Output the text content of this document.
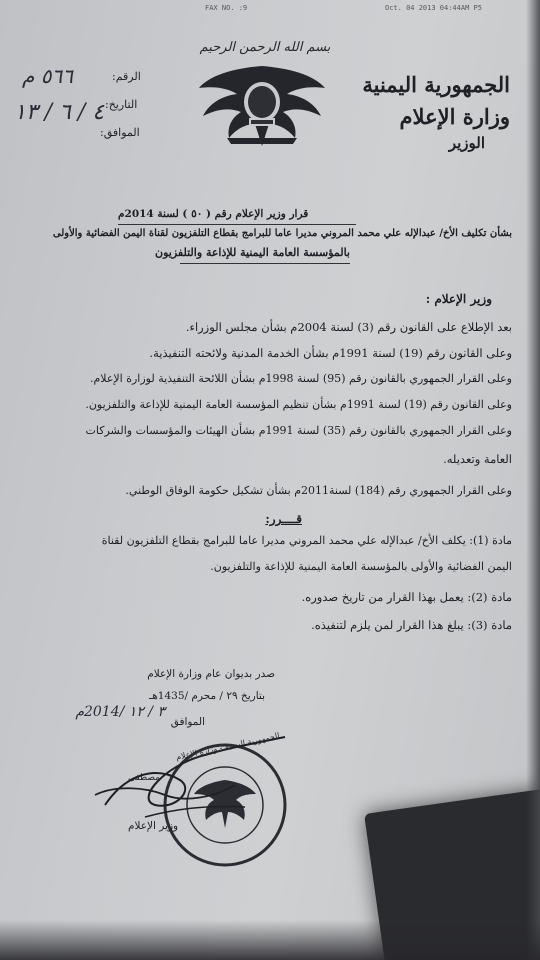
FAX NO. :9	Oct. 04 2013 04:44AM P5
الجمهورية اليمنية
وزارة الإعلام
الوزير
بسم الله الرحمن الرحيم
الرقم:
٥٦٦ م
التاريخ:
٤ / ٦ / ١٣
الموافق:
قرار وزير الإعلام رقم ( ٥٠ ) لسنة 2014م
بشأن تكليف الأخ/ عبدالإله علي محمد المروني مديرا عاما للبرامج بقطاع التلفزيون لقناة اليمن الفضائية والأولى
بالمؤسسة العامة اليمنية للإذاعة والتلفزيون
وزير الإعلام :
بعد الإطلاع على القانون رقم (3) لسنة 2004م بشأن مجلس الوزراء.
وعلى القانون رقم (19) لسنة 1991م بشأن الخدمة المدنية ولائحته التنفيذية.
وعلى القرار الجمهوري بالقانون رقم (95) لسنة 1998م بشأن اللائحة التنفيذية لوزارة الإعلام.
وعلى القانون رقم (19) لسنة 1991م بشأن تنظيم المؤسسة العامة اليمنية للإذاعة والتلفزيون.
وعلى القرار الجمهوري بالقانون رقم (35) لسنة 1991م بشأن الهيئات والمؤسسات والشركات
العامة وتعديله.
وعلى القرار الجمهوري رقم (184) لسنة2011م بشأن تشكيل حكومة الوفاق الوطني.
قــــرر:
مادة (1): يكلف الأخ/ عبدالإله علي محمد المروني مديرا عاما للبرامج بقطاع التلفزيون لقناة
اليمن الفضائية والأولى بالمؤسسة العامة اليمنية للإذاعة والتلفزيون.
مادة (2): يعمل بهذا القرار من تاريخ صدوره.
مادة (3): يبلغ هذا القرار لمن يلزم لتنفيذه.
صدر بديوان عام وزارة الإعلام
بتاريخ ٢٩ / محرم /1435هـ
الموافق
٣ / ١٢ /2014م
الجمهورية اليمنية - وزارة الإعلام
مصطفى
وزير الإعلام
